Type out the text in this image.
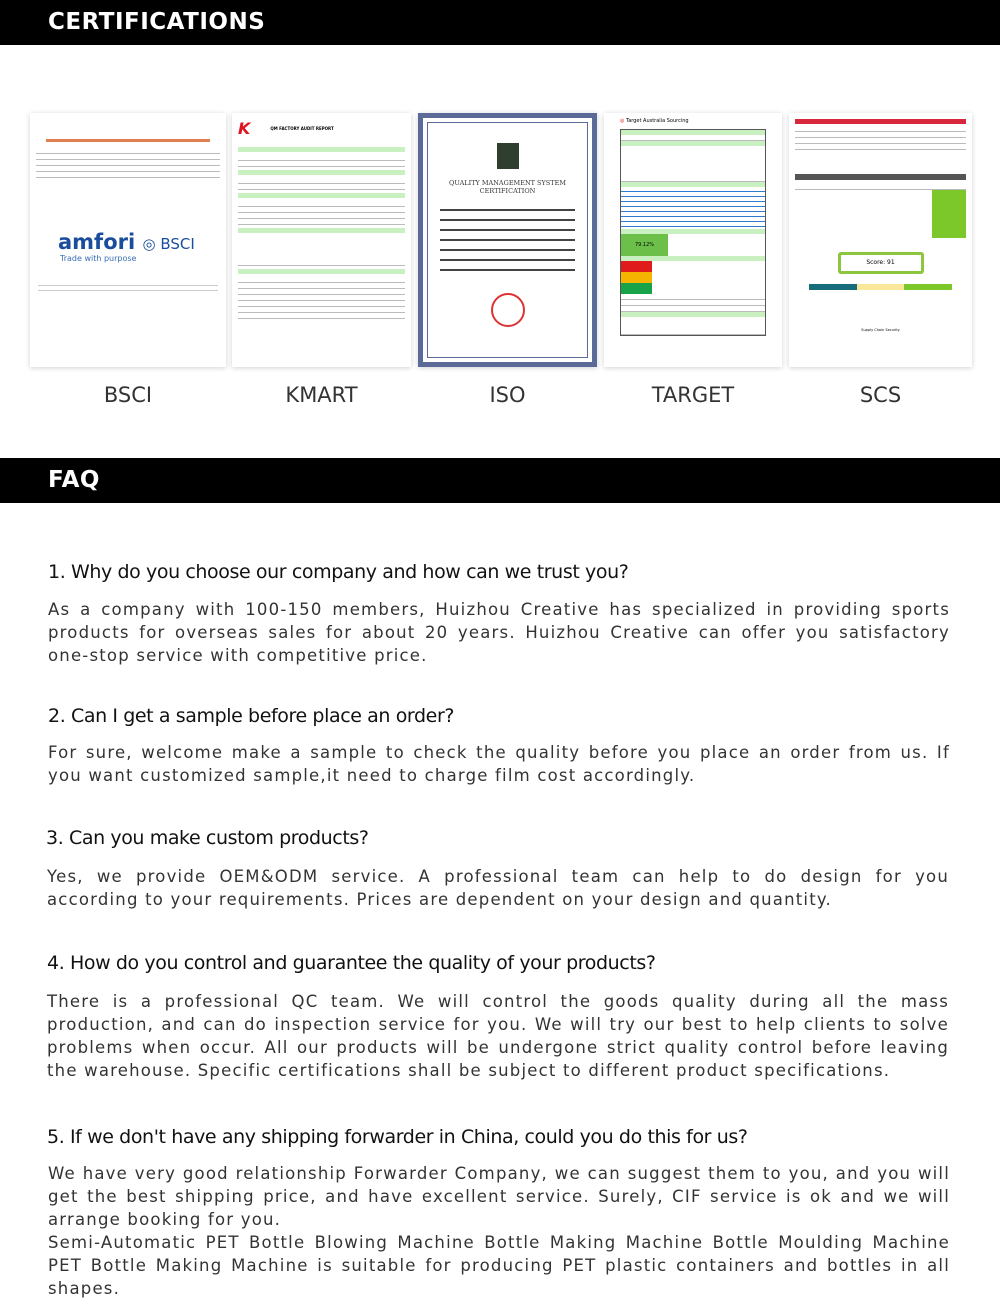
CERTIFICATIONS
amfori ◎ BSCI
Trade with purpose
BSCI
K	QM FACTORY AUDIT REPORT
KMART
QUALITY MANAGEMENT SYSTEM CERTIFICATION
ISO
◎ Target Australia Sourcing
79.12%
TARGET
Score: 91
Supply Chain Security
SCS
FAQ
1. Why do you choose our company and how can we trust you?
As a company with 100-150 members, Huizhou Creative has specialized in providing sports products for overseas sales for about 20 years. Huizhou Creative can offer you satisfactory one-stop service with competitive price.
2. Can I get a sample before place an order?
For sure, welcome make a sample to check the quality before you place an order from us. If you want customized sample,it need to charge film cost accordingly.
3. Can you make custom products?
Yes, we provide OEM&ODM service. A professional team can help to do design for you according to your requirements. Prices are dependent on your design and quantity.
4. How do you control and guarantee the quality of your products?
There is a professional QC team. We will control the goods quality during all the mass production, and can do inspection service for you. We will try our best to help clients to solve problems when occur. All our products will be undergone strict quality control before leaving the warehouse. Specific certifications shall be subject to different product specifications.
5. If we don't have any shipping forwarder in China, could you do this for us?
We have very good relationship Forwarder Company, we can suggest them to you, and you will get the best shipping price, and have excellent service. Surely, CIF service is ok and we will arrange booking for you.
Semi-Automatic PET Bottle Blowing Machine Bottle Making Machine Bottle Moulding Machine PET Bottle Making Machine is suitable for producing PET plastic containers and bottles in all shapes.
